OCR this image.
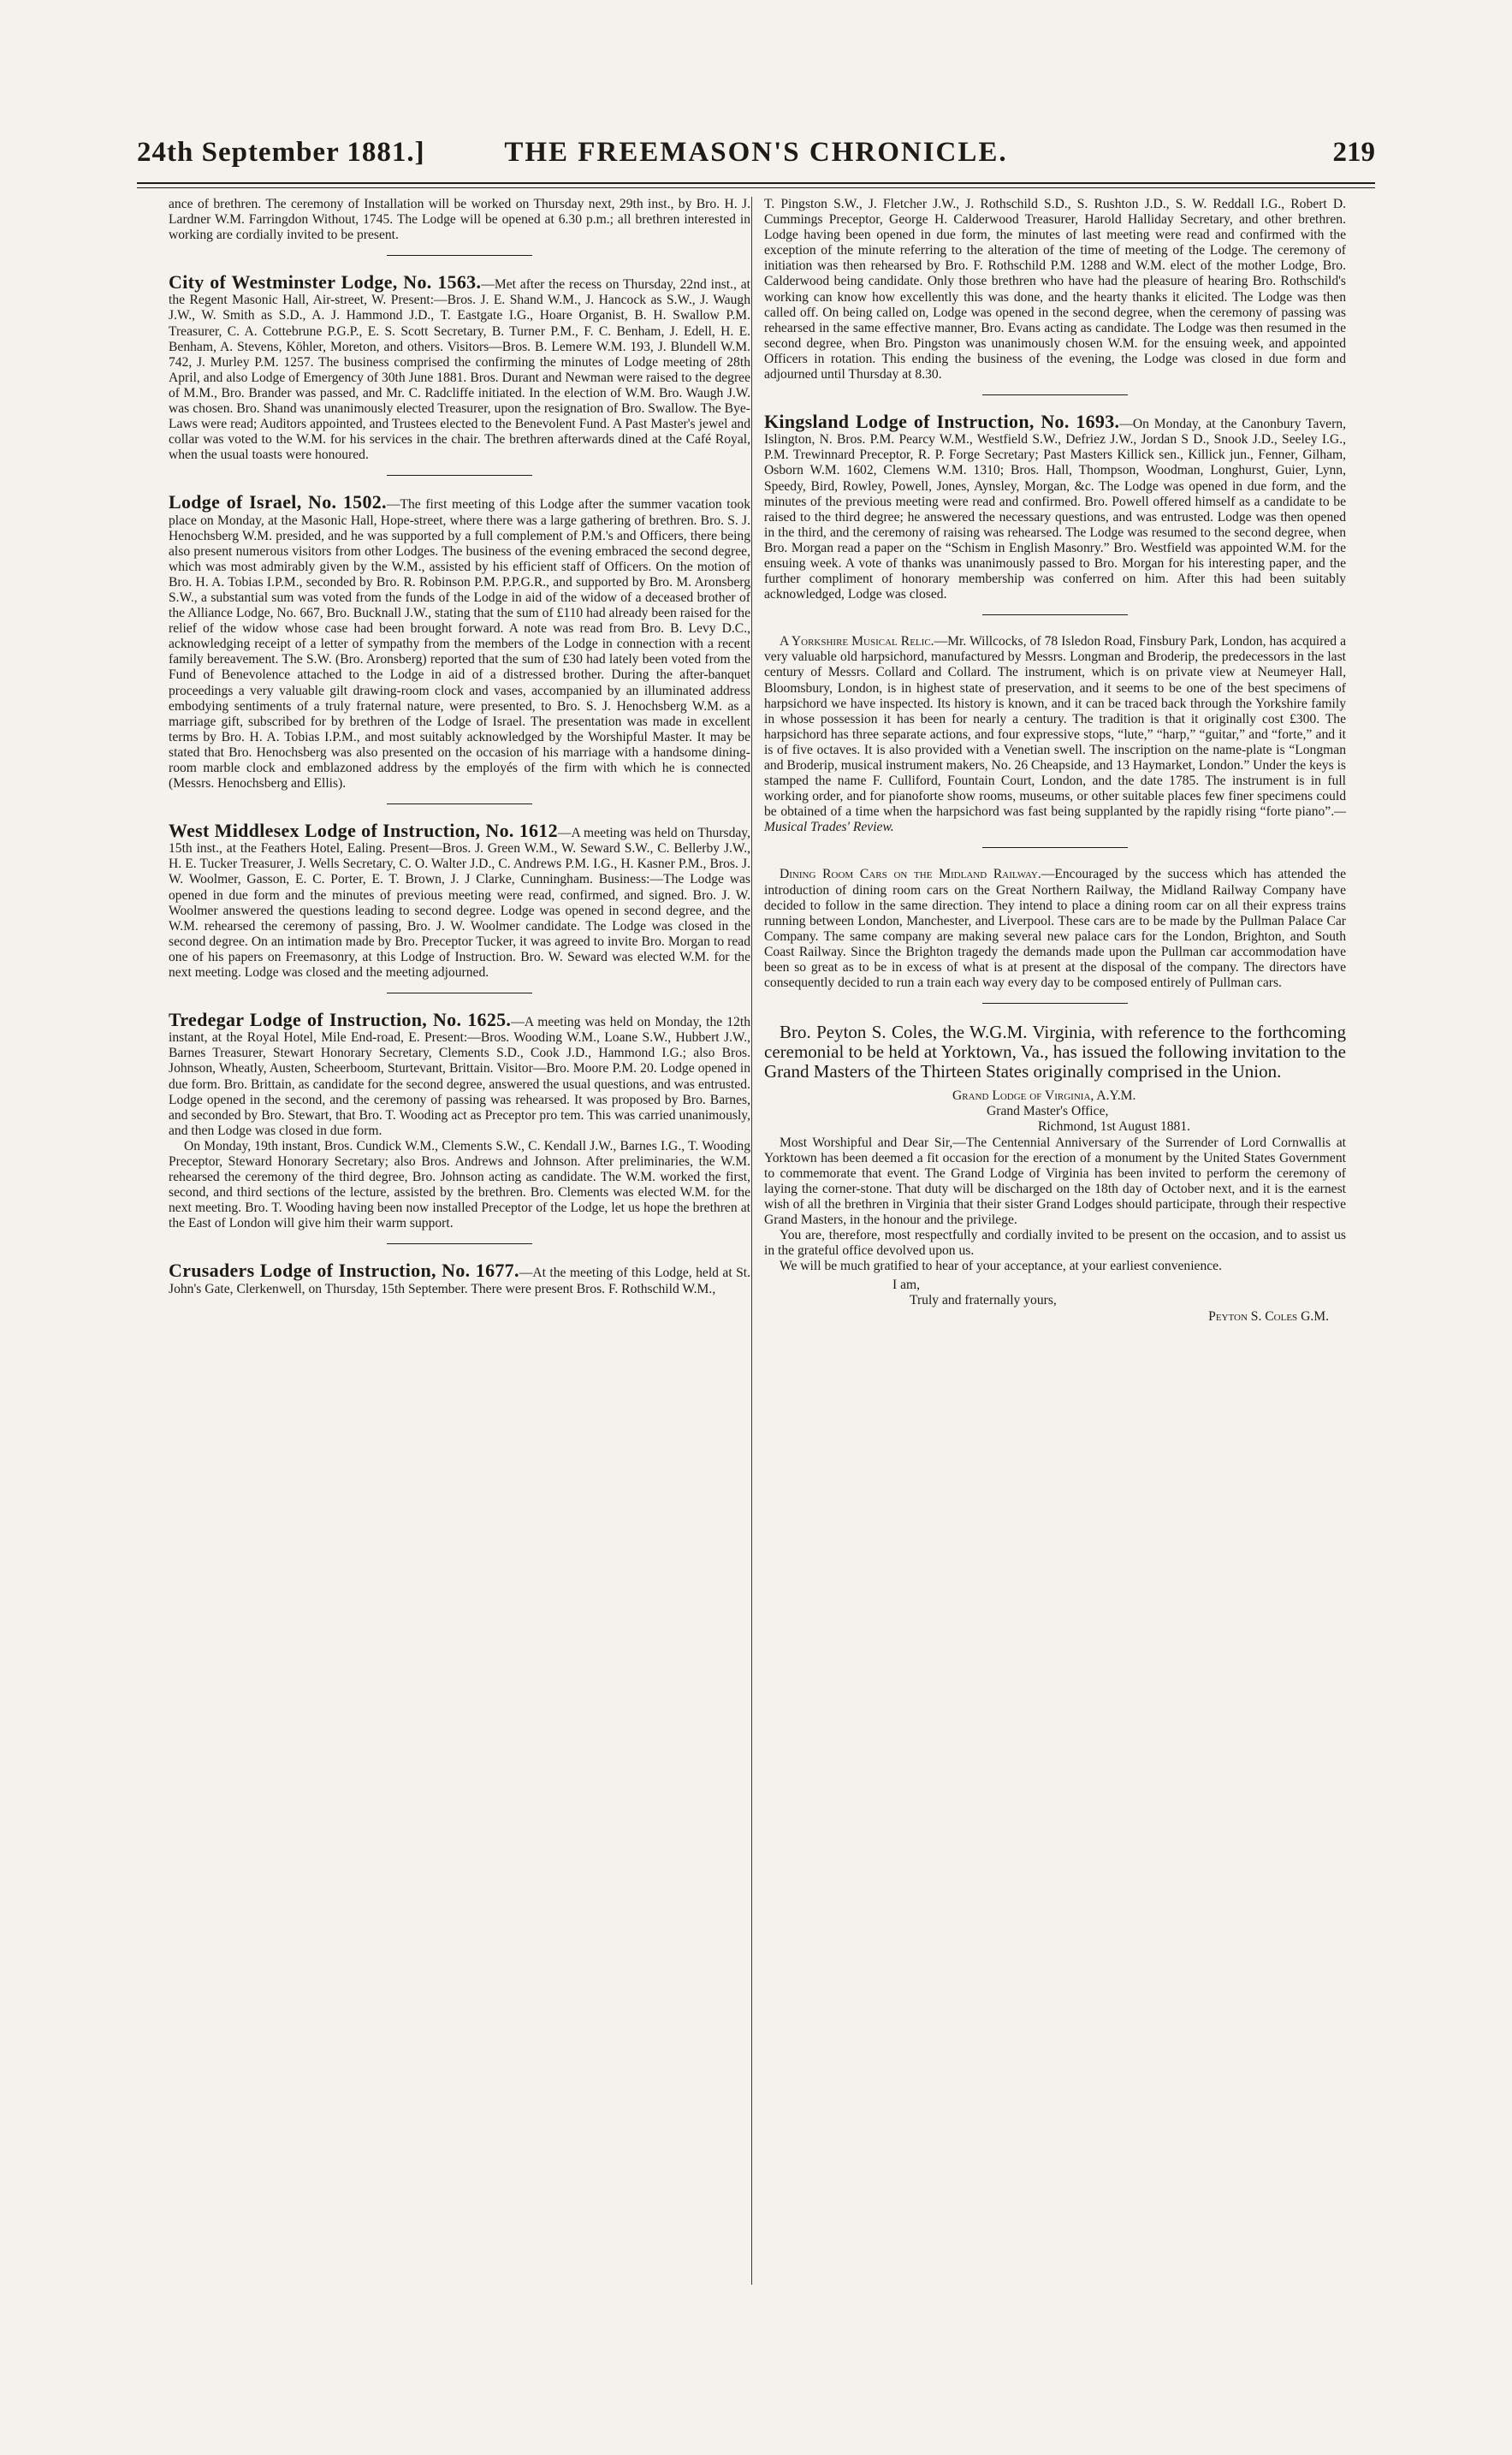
24th September 1881.]	THE FREEMASON'S CHRONICLE.	219

ance of brethren. The ceremony of Installation will be worked on Thursday next, 29th inst., by Bro. H. J. Lardner W.M. Farringdon Without, 1745. The Lodge will be opened at 6.30 p.m.; all brethren interested in working are cordially invited to be present.

City of Westminster Lodge, No. 1563.—Met after the recess on Thursday, 22nd inst., at the Regent Masonic Hall, Air-street, W. Present:—Bros. J. E. Shand W.M., J. Hancock as S.W., J. Waugh J.W., W. Smith as S.D., A. J. Hammond J.D., T. Eastgate I.G., Hoare Organist, B. H. Swallow P.M. Treasurer, C. A. Cottebrune P.G.P., E. S. Scott Secretary, B. Turner P.M., F. C. Benham, J. Edell, H. E. Benham, A. Stevens, Köhler, Moreton, and others. Visitors—Bros. B. Lemere W.M. 193, J. Blundell W.M. 742, J. Murley P.M. 1257. The business comprised the confirming the minutes of Lodge meeting of 28th April, and also Lodge of Emergency of 30th June 1881. Bros. Durant and Newman were raised to the degree of M.M., Bro. Brander was passed, and Mr. C. Radcliffe initiated. In the election of W.M. Bro. Waugh J.W. was chosen. Bro. Shand was unanimously elected Treasurer, upon the resignation of Bro. Swallow. The Bye-Laws were read; Auditors appointed, and Trustees elected to the Benevolent Fund. A Past Master's jewel and collar was voted to the W.M. for his services in the chair. The brethren afterwards dined at the Café Royal, when the usual toasts were honoured.

Lodge of Israel, No. 1502.—The first meeting of this Lodge after the summer vacation took place on Monday, at the Masonic Hall, Hope-street, where there was a large gathering of brethren. Bro. S. J. Henochsberg W.M. presided, and he was supported by a full complement of P.M.'s and Officers, there being also present numerous visitors from other Lodges. The business of the evening embraced the second degree, which was most admirably given by the W.M., assisted by his efficient staff of Officers. On the motion of Bro. H. A. Tobias I.P.M., seconded by Bro. R. Robinson P.M. P.P.G.R., and supported by Bro. M. Aronsberg S.W., a substantial sum was voted from the funds of the Lodge in aid of the widow of a deceased brother of the Alliance Lodge, No. 667, Bro. Bucknall J.W., stating that the sum of £110 had already been raised for the relief of the widow whose case had been brought forward. A note was read from Bro. B. Levy D.C., acknowledging receipt of a letter of sympathy from the members of the Lodge in connection with a recent family bereavement. The S.W. (Bro. Aronsberg) reported that the sum of £30 had lately been voted from the Fund of Benevolence attached to the Lodge in aid of a distressed brother. During the after-banquet proceedings a very valuable gilt drawing-room clock and vases, accompanied by an illuminated address embodying sentiments of a truly fraternal nature, were presented, to Bro. S. J. Henochsberg W.M. as a marriage gift, subscribed for by brethren of the Lodge of Israel. The presentation was made in excellent terms by Bro. H. A. Tobias I.P.M., and most suitably acknowledged by the Worshipful Master. It may be stated that Bro. Henochsberg was also presented on the occasion of his marriage with a handsome dining-room marble clock and emblazoned address by the employés of the firm with which he is connected (Messrs. Henochsberg and Ellis).

West Middlesex Lodge of Instruction, No. 1612—A meeting was held on Thursday, 15th inst., at the Feathers Hotel, Ealing. Present—Bros. J. Green W.M., W. Seward S.W., C. Bellerby J.W., H. E. Tucker Treasurer, J. Wells Secretary, C. O. Walter J.D., C. Andrews P.M. I.G., H. Kasner P.M., Bros. J. W. Woolmer, Gasson, E. C. Porter, E. T. Brown, J. J Clarke, Cunningham. Business:—The Lodge was opened in due form and the minutes of previous meeting were read, confirmed, and signed. Bro. J. W. Woolmer answered the questions leading to second degree. Lodge was opened in second degree, and the W.M. rehearsed the ceremony of passing, Bro. J. W. Woolmer candidate. The Lodge was closed in the second degree. On an intimation made by Bro. Preceptor Tucker, it was agreed to invite Bro. Morgan to read one of his papers on Freemasonry, at this Lodge of Instruction. Bro. W. Seward was elected W.M. for the next meeting. Lodge was closed and the meeting adjourned.

Tredegar Lodge of Instruction, No. 1625.—A meeting was held on Monday, the 12th instant, at the Royal Hotel, Mile End-road, E. Present:—Bros. Wooding W.M., Loane S.W., Hubbert J.W., Barnes Treasurer, Stewart Honorary Secretary, Clements S.D., Cook J.D., Hammond I.G.; also Bros. Johnson, Wheatly, Austen, Scheerboom, Sturtevant, Brittain. Visitor—Bro. Moore P.M. 20. Lodge opened in due form. Bro. Brittain, as candidate for the second degree, answered the usual questions, and was entrusted. Lodge opened in the second, and the ceremony of passing was rehearsed. It was proposed by Bro. Barnes, and seconded by Bro. Stewart, that Bro. T. Wooding act as Preceptor pro tem. This was carried unanimously, and then Lodge was closed in due form.

On Monday, 19th instant, Bros. Cundick W.M., Clements S.W., C. Kendall J.W., Barnes I.G., T. Wooding Preceptor, Steward Honorary Secretary; also Bros. Andrews and Johnson. After preliminaries, the W.M. rehearsed the ceremony of the third degree, Bro. Johnson acting as candidate. The W.M. worked the first, second, and third sections of the lecture, assisted by the brethren. Bro. Clements was elected W.M. for the next meeting. Bro. T. Wooding having been now installed Preceptor of the Lodge, let us hope the brethren at the East of London will give him their warm support.

Crusaders Lodge of Instruction, No. 1677.—At the meeting of this Lodge, held at St. John's Gate, Clerkenwell, on Thursday, 15th September. There were present Bros. F. Rothschild W.M.,

T. Pingston S.W., J. Fletcher J.W., J. Rothschild S.D., S. Rushton J.D., S. W. Reddall I.G., Robert D. Cummings Preceptor, George H. Calderwood Treasurer, Harold Halliday Secretary, and other brethren. Lodge having been opened in due form, the minutes of last meeting were read and confirmed with the exception of the minute referring to the alteration of the time of meeting of the Lodge. The ceremony of initiation was then rehearsed by Bro. F. Rothschild P.M. 1288 and W.M. elect of the mother Lodge, Bro. Calderwood being candidate. Only those brethren who have had the pleasure of hearing Bro. Rothschild's working can know how excellently this was done, and the hearty thanks it elicited. The Lodge was then called off. On being called on, Lodge was opened in the second degree, when the ceremony of passing was rehearsed in the same effective manner, Bro. Evans acting as candidate. The Lodge was then resumed in the second degree, when Bro. Pingston was unanimously chosen W.M. for the ensuing week, and appointed Officers in rotation. This ending the business of the evening, the Lodge was closed in due form and adjourned until Thursday at 8.30.

Kingsland Lodge of Instruction, No. 1693.—On Monday, at the Canonbury Tavern, Islington, N. Bros. P.M. Pearcy W.M., Westfield S.W., Defriez J.W., Jordan S D., Snook J.D., Seeley I.G., P.M. Trewinnard Preceptor, R. P. Forge Secretary; Past Masters Killick sen., Killick jun., Fenner, Gilham, Osborn W.M. 1602, Clemens W.M. 1310; Bros. Hall, Thompson, Woodman, Longhurst, Guier, Lynn, Speedy, Bird, Rowley, Powell, Jones, Aynsley, Morgan, &c. The Lodge was opened in due form, and the minutes of the previous meeting were read and confirmed. Bro. Powell offered himself as a candidate to be raised to the third degree; he answered the necessary questions, and was entrusted. Lodge was then opened in the third, and the ceremony of raising was rehearsed. The Lodge was resumed to the second degree, when Bro. Morgan read a paper on the “Schism in English Masonry.” Bro. Westfield was appointed W.M. for the ensuing week. A vote of thanks was unanimously passed to Bro. Morgan for his interesting paper, and the further compliment of honorary membership was conferred on him. After this had been suitably acknowledged, Lodge was closed.

A Yorkshire Musical Relic.—Mr. Willcocks, of 78 Isledon Road, Finsbury Park, London, has acquired a very valuable old harpsichord, manufactured by Messrs. Longman and Broderip, the predecessors in the last century of Messrs. Collard and Collard. The instrument, which is on private view at Neumeyer Hall, Bloomsbury, London, is in highest state of preservation, and it seems to be one of the best specimens of harpsichord we have inspected. Its history is known, and it can be traced back through the Yorkshire family in whose possession it has been for nearly a century. The tradition is that it originally cost £300. The harpsichord has three separate actions, and four expressive stops, “lute,” “harp,” “guitar,” and “forte,” and it is of five octaves. It is also provided with a Venetian swell. The inscription on the name-plate is “Longman and Broderip, musical instrument makers, No. 26 Cheapside, and 13 Haymarket, London.” Under the keys is stamped the name F. Culliford, Fountain Court, London, and the date 1785. The instrument is in full working order, and for pianoforte show rooms, museums, or other suitable places few finer specimens could be obtained of a time when the harpsichord was fast being supplanted by the rapidly rising “forte piano”.—Musical Trades' Review.

Dining Room Cars on the Midland Railway.—Encouraged by the success which has attended the introduction of dining room cars on the Great Northern Railway, the Midland Railway Company have decided to follow in the same direction. They intend to place a dining room car on all their express trains running between London, Manchester, and Liverpool. These cars are to be made by the Pullman Palace Car Company. The same company are making several new palace cars for the London, Brighton, and South Coast Railway. Since the Brighton tragedy the demands made upon the Pullman car accommodation have been so great as to be in excess of what is at present at the disposal of the company. The directors have consequently decided to run a train each way every day to be composed entirely of Pullman cars.

Bro. Peyton S. Coles, the W.G.M. Virginia, with reference to the forthcoming ceremonial to be held at Yorktown, Va., has issued the following invitation to the Grand Masters of the Thirteen States originally comprised in the Union.

Grand Lodge of Virginia, A.Y.M.

Grand Master's Office,

Richmond, 1st August 1881.

Most Worshipful and Dear Sir,—The Centennial Anniversary of the Surrender of Lord Cornwallis at Yorktown has been deemed a fit occasion for the erection of a monument by the United States Government to commemorate that event. The Grand Lodge of Virginia has been invited to perform the ceremony of laying the corner-stone. That duty will be discharged on the 18th day of October next, and it is the earnest wish of all the brethren in Virginia that their sister Grand Lodges should participate, through their respective Grand Masters, in the honour and the privilege.

You are, therefore, most respectfully and cordially invited to be present on the occasion, and to assist us in the grateful office devolved upon us.

We will be much gratified to hear of your acceptance, at your earliest convenience.

I am,
Truly and fraternally yours,
Peyton S. Coles G.M.
